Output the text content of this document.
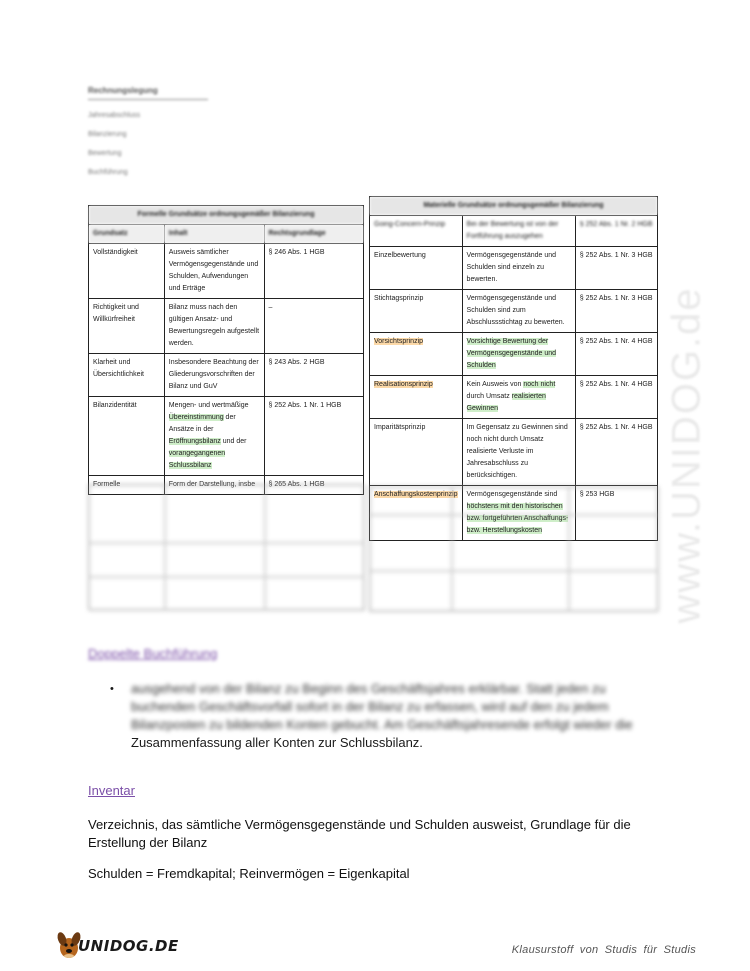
Rechnungslegung
Jahresabschluss
Bilanzierung
Bewertung
Buchführung
Formelle Grundsätze ordnungsgemäßer Bilanzierung		
Grundsatz	Inhalt	Rechtsgrundlage
Vollständigkeit	Ausweis sämtlicher Vermögensgegenstände und Schulden, Aufwendungen und Erträge	§ 246 Abs. 1 HGB
Richtigkeit und Willkürfreiheit	Bilanz muss nach den gültigen Ansatz- und Bewertungsregeln aufgestellt werden.	–
Klarheit und Übersichtlichkeit	Insbesondere Beachtung der Gliederungsvorschriften der Bilanz und GuV	§ 243 Abs. 2 HGB
Bilanzidentität	Mengen- und wertmäßige Übereinstimmung der Ansätze in der Eröffnungsbilanz und der vorangegangenen Schlussbilanz	§ 252 Abs. 1 Nr. 1 HGB
Formelle	Form der Darstellung, insbe	§ 265 Abs. 1 HGB
Materielle Grundsätze ordnungsgemäßer Bilanzierung		
Going-Concern-Prinzip	Bei der Bewertung ist von der Fortführung auszugehen	§ 252 Abs. 1 Nr. 2 HGB
Einzelbewertung	Vermögensgegenstände und Schulden sind einzeln zu bewerten.	§ 252 Abs. 1 Nr. 3 HGB
Stichtagsprinzip	Vermögensgegenstände und Schulden sind zum Abschlussstichtag zu bewerten.	§ 252 Abs. 1 Nr. 3 HGB
Vorsichtsprinzip	Vorsichtige Bewertung der Vermögensgegenstände und Schulden	§ 252 Abs. 1 Nr. 4 HGB
Realisationsprinzip	Kein Ausweis von noch nicht durch Umsatz realisierten Gewinnen	§ 252 Abs. 1 Nr. 4 HGB
Imparitätsprinzip	Im Gegensatz zu Gewinnen sind noch nicht durch Umsatz realisierte Verluste im Jahresabschluss zu berücksichtigen.	§ 252 Abs. 1 Nr. 4 HGB
Anschaffungskostenprinzip	Vermögensgegenstände sind höchstens mit den historischen bzw. fortgeführten Anschaffungs- bzw. Herstellungskosten	§ 253 HGB www.UNIDOG.de
Doppelte Buchführung
• ausgehend von der Bilanz zu Beginn des Geschäftsjahres erklärbar. Statt jeden zu buchenden Geschäftsvorfall sofort in der Bilanz zu erfassen, wird auf den zu jedem Bilanzposten zu bildenden Konten gebucht. Am Geschäftsjahresende erfolgt wieder die Zusammenfassung aller Konten zur Schlussbilanz.
Inventar
Verzeichnis, das sämtliche Vermögensgegenstände und Schulden ausweist, Grundlage für die Erstellung der Bilanz
Schulden = Fremdkapital; Reinvermögen = Eigenkapital
UNIDOG.DE	Klausurstoff von Studis für Studis
